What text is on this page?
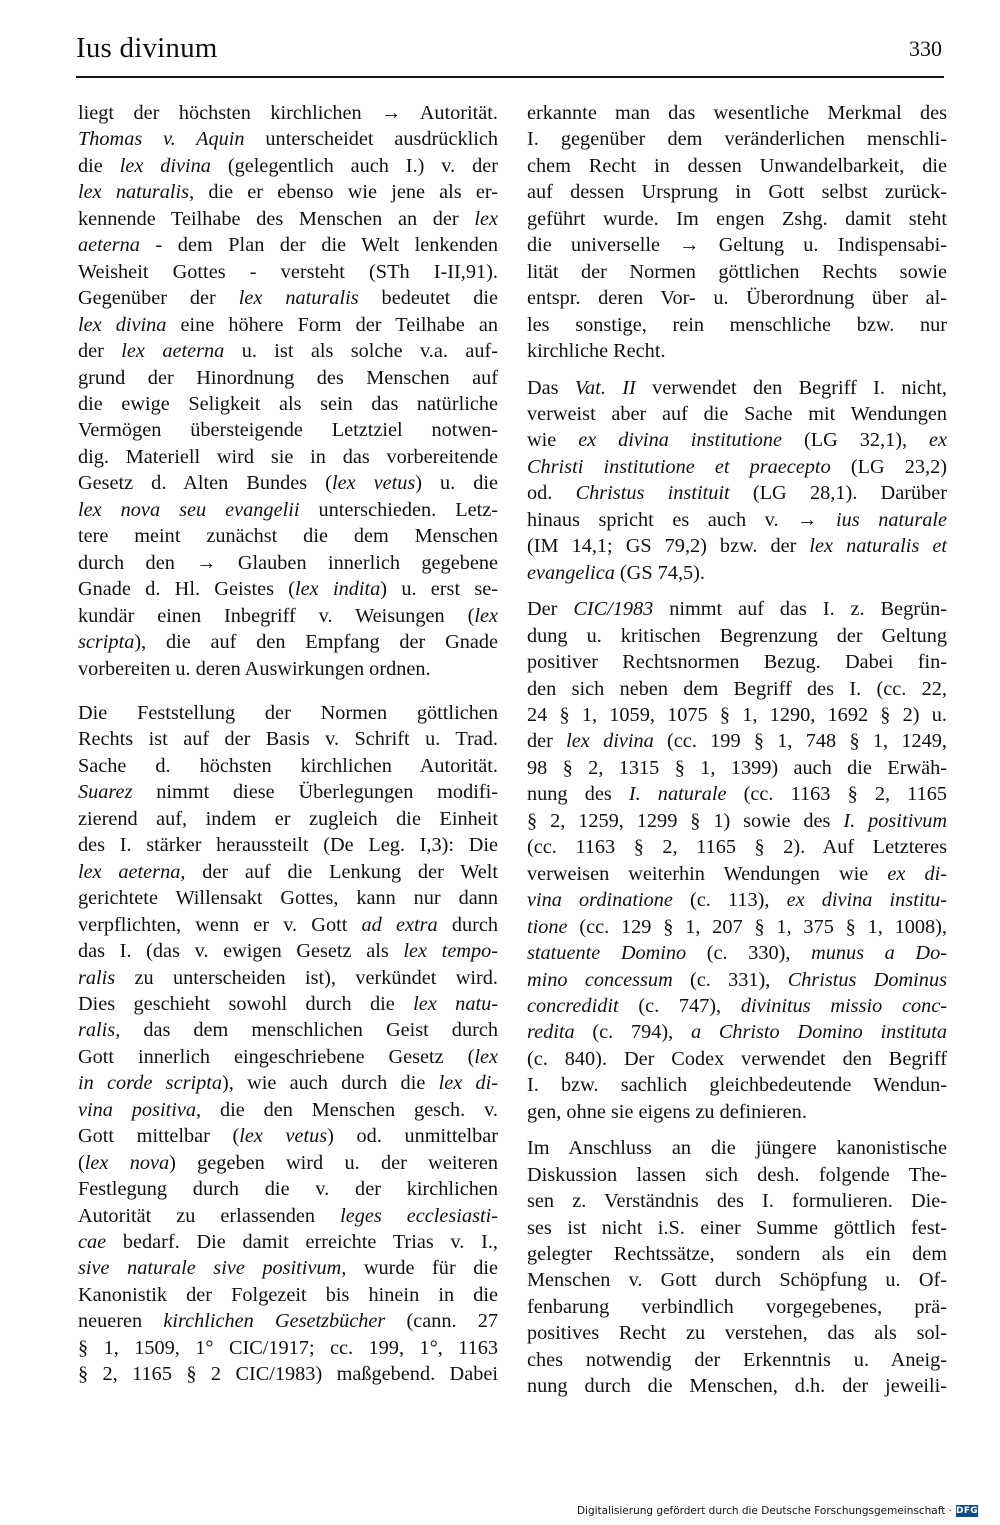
Ius divinum	330
liegt der höchsten kirchlichen → Autorität.
Thomas v. Aquin unterscheidet ausdrücklich
die lex divina (gelegentlich auch I.) v. der
lex naturalis, die er ebenso wie jene als er-
kennende Teilhabe des Menschen an der lex
aeterna - dem Plan der die Welt lenkenden
Weisheit Gottes - versteht (STh I-II,91).
Gegenüber der lex naturalis bedeutet die
lex divina eine höhere Form der Teilhabe an
der lex aeterna u. ist als solche v.a. auf-
grund der Hinordnung des Menschen auf
die ewige Seligkeit als sein das natürliche
Vermögen übersteigende Letztziel notwen-
dig. Materiell wird sie in das vorbereitende
Gesetz d. Alten Bundes (lex vetus) u. die
lex nova seu evangelii unterschieden. Letz-
tere meint zunächst die dem Menschen
durch den → Glauben innerlich gegebene
Gnade d. Hl. Geistes (lex indita) u. erst se-
kundär einen Inbegriff v. Weisungen (lex
scripta), die auf den Empfang der Gnade
vorbereiten u. deren Auswirkungen ordnen.
Die Feststellung der Normen göttlichen
Rechts ist auf der Basis v. Schrift u. Trad.
Sache d. höchsten kirchlichen Autorität.
Suarez nimmt diese Überlegungen modifi-
zierend auf, indem er zugleich die Einheit
des I. stärker heraussteilt (De Leg. I,3): Die
lex aeterna, der auf die Lenkung der Welt
gerichtete Willensakt Gottes, kann nur dann
verpflichten, wenn er v. Gott ad extra durch
das I. (das v. ewigen Gesetz als lex tempo-
ralis zu unterscheiden ist), verkündet wird.
Dies geschieht sowohl durch die lex natu-
ralis, das dem menschlichen Geist durch
Gott innerlich eingeschriebene Gesetz (lex
in corde scripta), wie auch durch die lex di-
vina positiva, die den Menschen gesch. v.
Gott mittelbar (lex vetus) od. unmittelbar
(lex nova) gegeben wird u. der weiteren
Festlegung durch die v. der kirchlichen
Autorität zu erlassenden leges ecclesiasti-
cae bedarf. Die damit erreichte Trias v. I.,
sive naturale sive positivum, wurde für die
Kanonistik der Folgezeit bis hinein in die
neueren kirchlichen Gesetzbücher (cann. 27
§ 1, 1509, 1° CIC/1917; cc. 199, 1°, 1163
§ 2, 1165 § 2 CIC/1983) maßgebend. Dabei
erkannte man das wesentliche Merkmal des
I. gegenüber dem veränderlichen menschli-
chem Recht in dessen Unwandelbarkeit, die
auf dessen Ursprung in Gott selbst zurück-
geführt wurde. Im engen Zshg. damit steht
die universelle → Geltung u. Indispensabi-
lität der Normen göttlichen Rechts sowie
entspr. deren Vor- u. Überordnung über al-
les sonstige, rein menschliche bzw. nur
kirchliche Recht.
Das Vat. II verwendet den Begriff I. nicht,
verweist aber auf die Sache mit Wendungen
wie ex divina institutione (LG 32,1), ex
Christi institutione et praecepto (LG 23,2)
od. Christus instituit (LG 28,1). Darüber
hinaus spricht es auch v. → ius naturale
(IM 14,1; GS 79,2) bzw. der lex naturalis et
evangelica (GS 74,5).
Der CIC/1983 nimmt auf das I. z. Begrün-
dung u. kritischen Begrenzung der Geltung
positiver Rechtsnormen Bezug. Dabei fin-
den sich neben dem Begriff des I. (cc. 22,
24 § 1, 1059, 1075 § 1, 1290, 1692 § 2) u.
der lex divina (cc. 199 § 1, 748 § 1, 1249,
98 § 2, 1315 § 1, 1399) auch die Erwäh-
nung des I. naturale (cc. 1163 § 2, 1165
§ 2, 1259, 1299 § 1) sowie des I. positivum
(cc. 1163 § 2, 1165 § 2). Auf Letzteres
verweisen weiterhin Wendungen wie ex di-
vina ordinatione (c. 113), ex divina institu-
tione (cc. 129 § 1, 207 § 1, 375 § 1, 1008),
statuente Domino (c. 330), munus a Do-
mino concessum (c. 331), Christus Dominus
concredidit (c. 747), divinitus missio conc-
redita (c. 794), a Christo Domino instituta
(c. 840). Der Codex verwendet den Begriff
I. bzw. sachlich gleichbedeutende Wendun-
gen, ohne sie eigens zu definieren.
Im Anschluss an die jüngere kanonistische
Diskussion lassen sich desh. folgende The-
sen z. Verständnis des I. formulieren. Die-
ses ist nicht i.S. einer Summe göttlich fest-
gelegter Rechtssätze, sondern als ein dem
Menschen v. Gott durch Schöpfung u. Of-
fenbarung verbindlich vorgegebenes, prä-
positives Recht zu verstehen, das als sol-
ches notwendig der Erkenntnis u. Aneig-
nung durch die Menschen, d.h. der jeweili-
Digitalisierung gefördert durch die Deutsche Forschungsgemeinschaft · DFG
